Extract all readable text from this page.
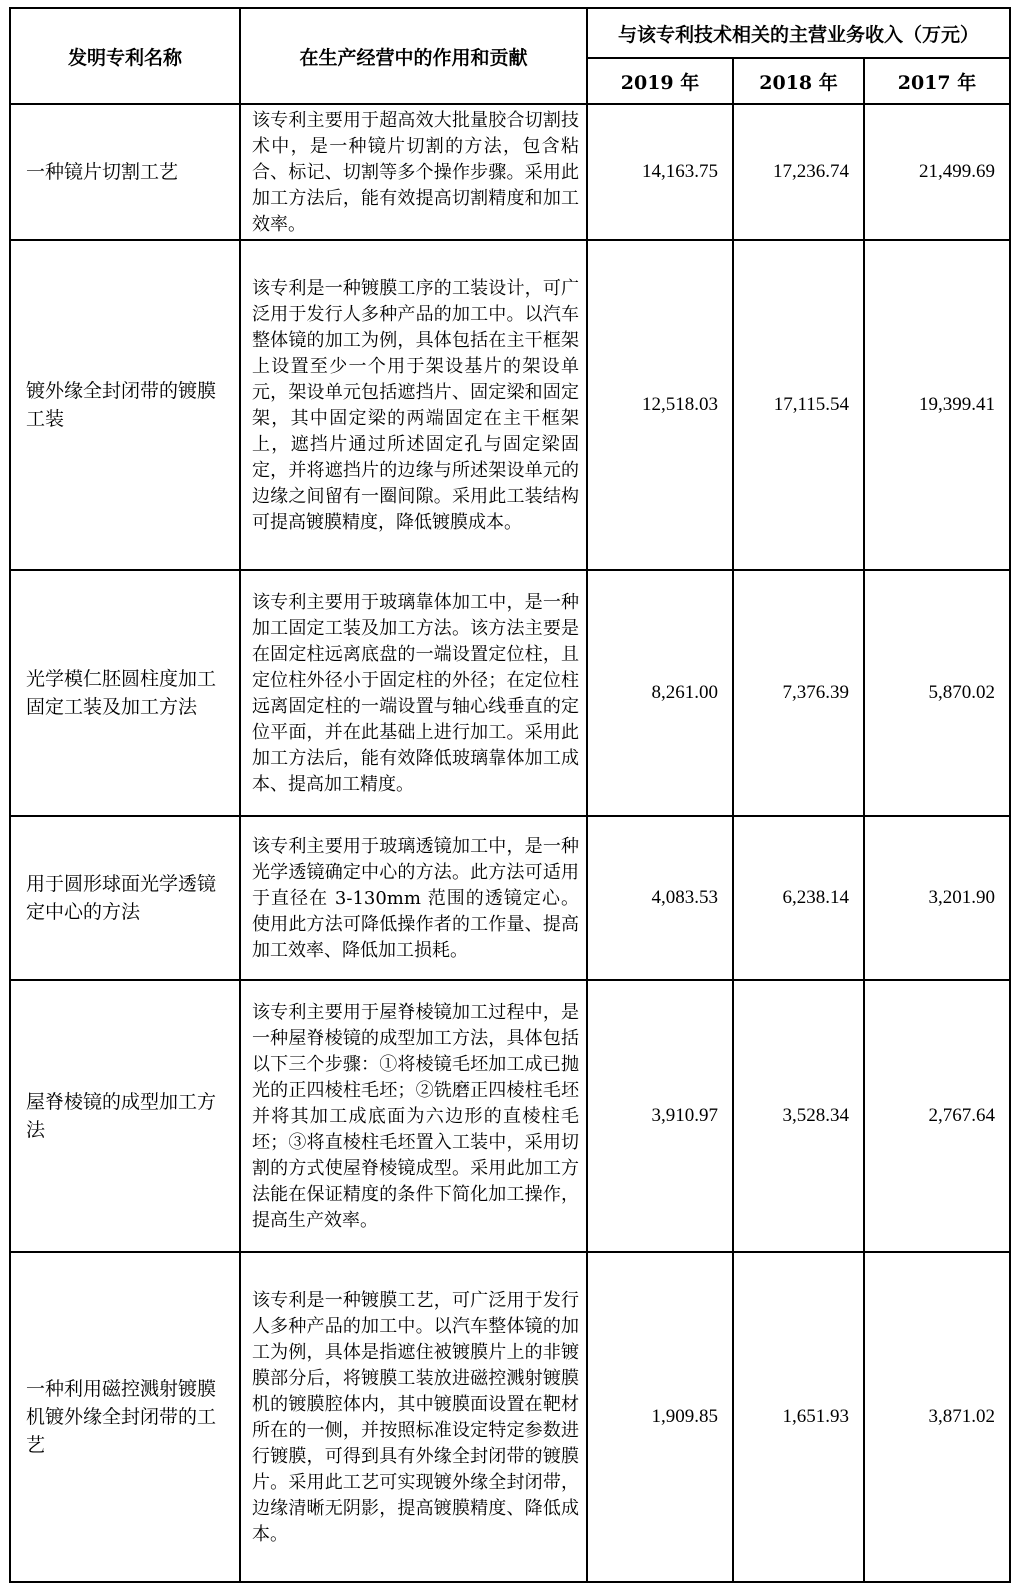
发明专利名称	在生产经营中的作用和贡献	与该专利技术相关的主营业务收入（万元）		
		2019 年	2018 年	2017 年
一种镜片切割工艺	该专利主要用于超高效大批量胶合切割技术中，是一种镜片切割的方法，包含粘合、标记、切割等多个操作步骤。采用此加工方法后，能有效提高切割精度和加工效率。	14,163.75	17,236.74	21,499.69
镀外缘全封闭带的镀膜工装	该专利是一种镀膜工序的工装设计，可广泛用于发行人多种产品的加工中。以汽车整体镜的加工为例，具体包括在主干框架上设置至少一个用于架设基片的架设单元，架设单元包括遮挡片、固定梁和固定架，其中固定梁的两端固定在主干框架上，遮挡片通过所述固定孔与固定梁固定，并将遮挡片的边缘与所述架设单元的边缘之间留有一圈间隙。采用此工装结构可提高镀膜精度，降低镀膜成本。	12,518.03	17,115.54	19,399.41
光学模仁胚圆柱度加工固定工装及加工方法	该专利主要用于玻璃靠体加工中，是一种加工固定工装及加工方法。该方法主要是在固定柱远离底盘的一端设置定位柱，且定位柱外径小于固定柱的外径；在定位柱远离固定柱的一端设置与轴心线垂直的定位平面，并在此基础上进行加工。采用此加工方法后，能有效降低玻璃靠体加工成本、提高加工精度。	8,261.00	7,376.39	5,870.02
用于圆形球面光学透镜定中心的方法	该专利主要用于玻璃透镜加工中，是一种光学透镜确定中心的方法。此方法可适用于直径在 3-130mm 范围的透镜定心。使用此方法可降低操作者的工作量、提高加工效率、降低加工损耗。	4,083.53	6,238.14	3,201.90
屋脊棱镜的成型加工方法	该专利主要用于屋脊棱镜加工过程中，是一种屋脊棱镜的成型加工方法，具体包括以下三个步骤：①将棱镜毛坯加工成已抛光的正四棱柱毛坯；②铣磨正四棱柱毛坯并将其加工成底面为六边形的直棱柱毛坯；③将直棱柱毛坯置入工装中，采用切割的方式使屋脊棱镜成型。采用此加工方法能在保证精度的条件下简化加工操作，提高生产效率。	3,910.97	3,528.34	2,767.64
一种利用磁控溅射镀膜机镀外缘全封闭带的工艺	该专利是一种镀膜工艺，可广泛用于发行人多种产品的加工中。以汽车整体镜的加工为例，具体是指遮住被镀膜片上的非镀膜部分后，将镀膜工装放进磁控溅射镀膜机的镀膜腔体内，其中镀膜面设置在靶材所在的一侧，并按照标准设定特定参数进行镀膜，可得到具有外缘全封闭带的镀膜片。采用此工艺可实现镀外缘全封闭带，边缘清晰无阴影，提高镀膜精度、降低成本。	1,909.85	1,651.93	3,871.02
